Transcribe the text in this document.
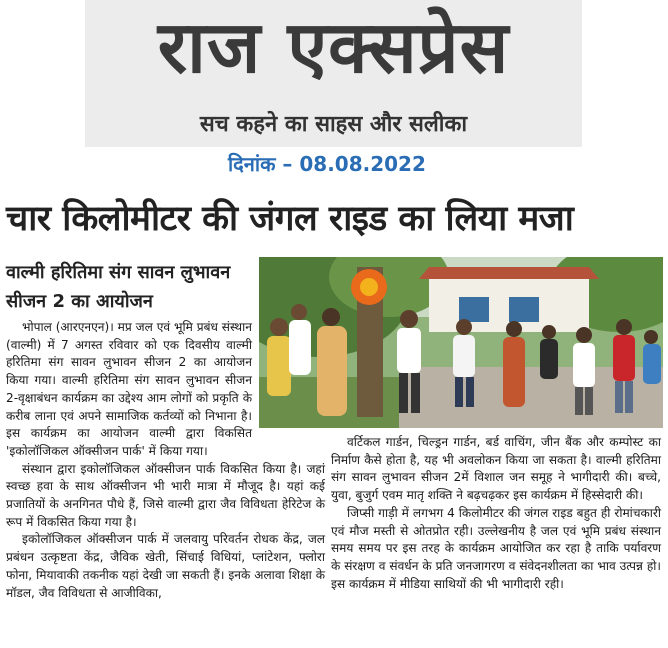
राज एक्सप्रेस
सच कहने का साहस और सलीका
दिनांक – 08.08.2022
चार किलोमीटर की जंगल राइड का लिया मजा
वाल्मी हरितिमा संग सावन लुभावन सीजन 2 का आयोजन

भोपाल (आरएनएन)। मप्र जल एवं भूमि प्रबंध संस्थान (वाल्मी) में 7 अगस्त रविवार को एक दिवसीय वाल्मी हरितिमा संग सावन लुभावन सीजन 2 का आयोजन किया गया। वाल्मी हरितिमा संग सावन लुभावन सीजन 2-वृक्षाबंधन कार्यक्रम का उद्देश्य आम लोगों को प्रकृति के करीब लाना एवं अपने सामाजिक कर्तव्यों को निभाना है। इस कार्यक्रम का आयोजन वाल्मी द्वारा विकसित 'इकोलॉजिकल ऑक्सीजन पार्क' में किया गया।

संस्थान द्वारा इकोलॉजिकल ऑक्सीजन पार्क विकसित किया है। जहां स्वच्छ हवा के साथ ऑक्सीजन भी भारी मात्रा में मौजूद है। यहां कई प्रजातियों के अनगिनत पौधे हैं, जिसे वाल्मी द्वारा जैव विविधता हेरिटेज के रूप में विकसित किया गया है।

इकोलॉजिकल ऑक्सीजन पार्क में जलवायु परिवर्तन रोधक केंद्र, जल प्रबंधन उत्कृष्टता केंद्र, जैविक खेती, सिंचाई विधियां, प्लांटेशन, फ्लोरा फोना, मियावाकी तकनीक यहां देखी जा सकती हैं। इनके अलावा शिक्षा के मॉडल, जैव विविधता से आजीविका,

वर्टिकल गार्डन, चिल्ड्रन गार्डन, बर्ड वाचिंग, जीन बैंक और कम्पोस्ट का निर्माण कैसे होता है, यह भी अवलोकन किया जा सकता है। वाल्मी हरितिमा संग सावन लुभावन सीजन 2में विशाल जन समूह ने भागीदारी की। बच्चे, युवा, बुजुर्ग एवम मातृ शक्ति ने बढ़चढ़कर इस कार्यक्रम में हिस्सेदारी की।

जिप्सी गाड़ी में लगभग 4 किलोमीटर की जंगल राइड बहुत ही रोमांचकारी एवं मौज मस्ती से ओतप्रोत रही। उल्लेखनीय है जल एवं भूमि प्रबंध संस्थान समय समय पर इस तरह के कार्यक्रम आयोजित कर रहा है ताकि पर्यावरण के संरक्षण व संवर्धन के प्रति जनजागरण व संवेदनशीलता का भाव उत्पन्न हो। इस कार्यक्रम में मीडिया साथियों की भी भागीदारी रही।
